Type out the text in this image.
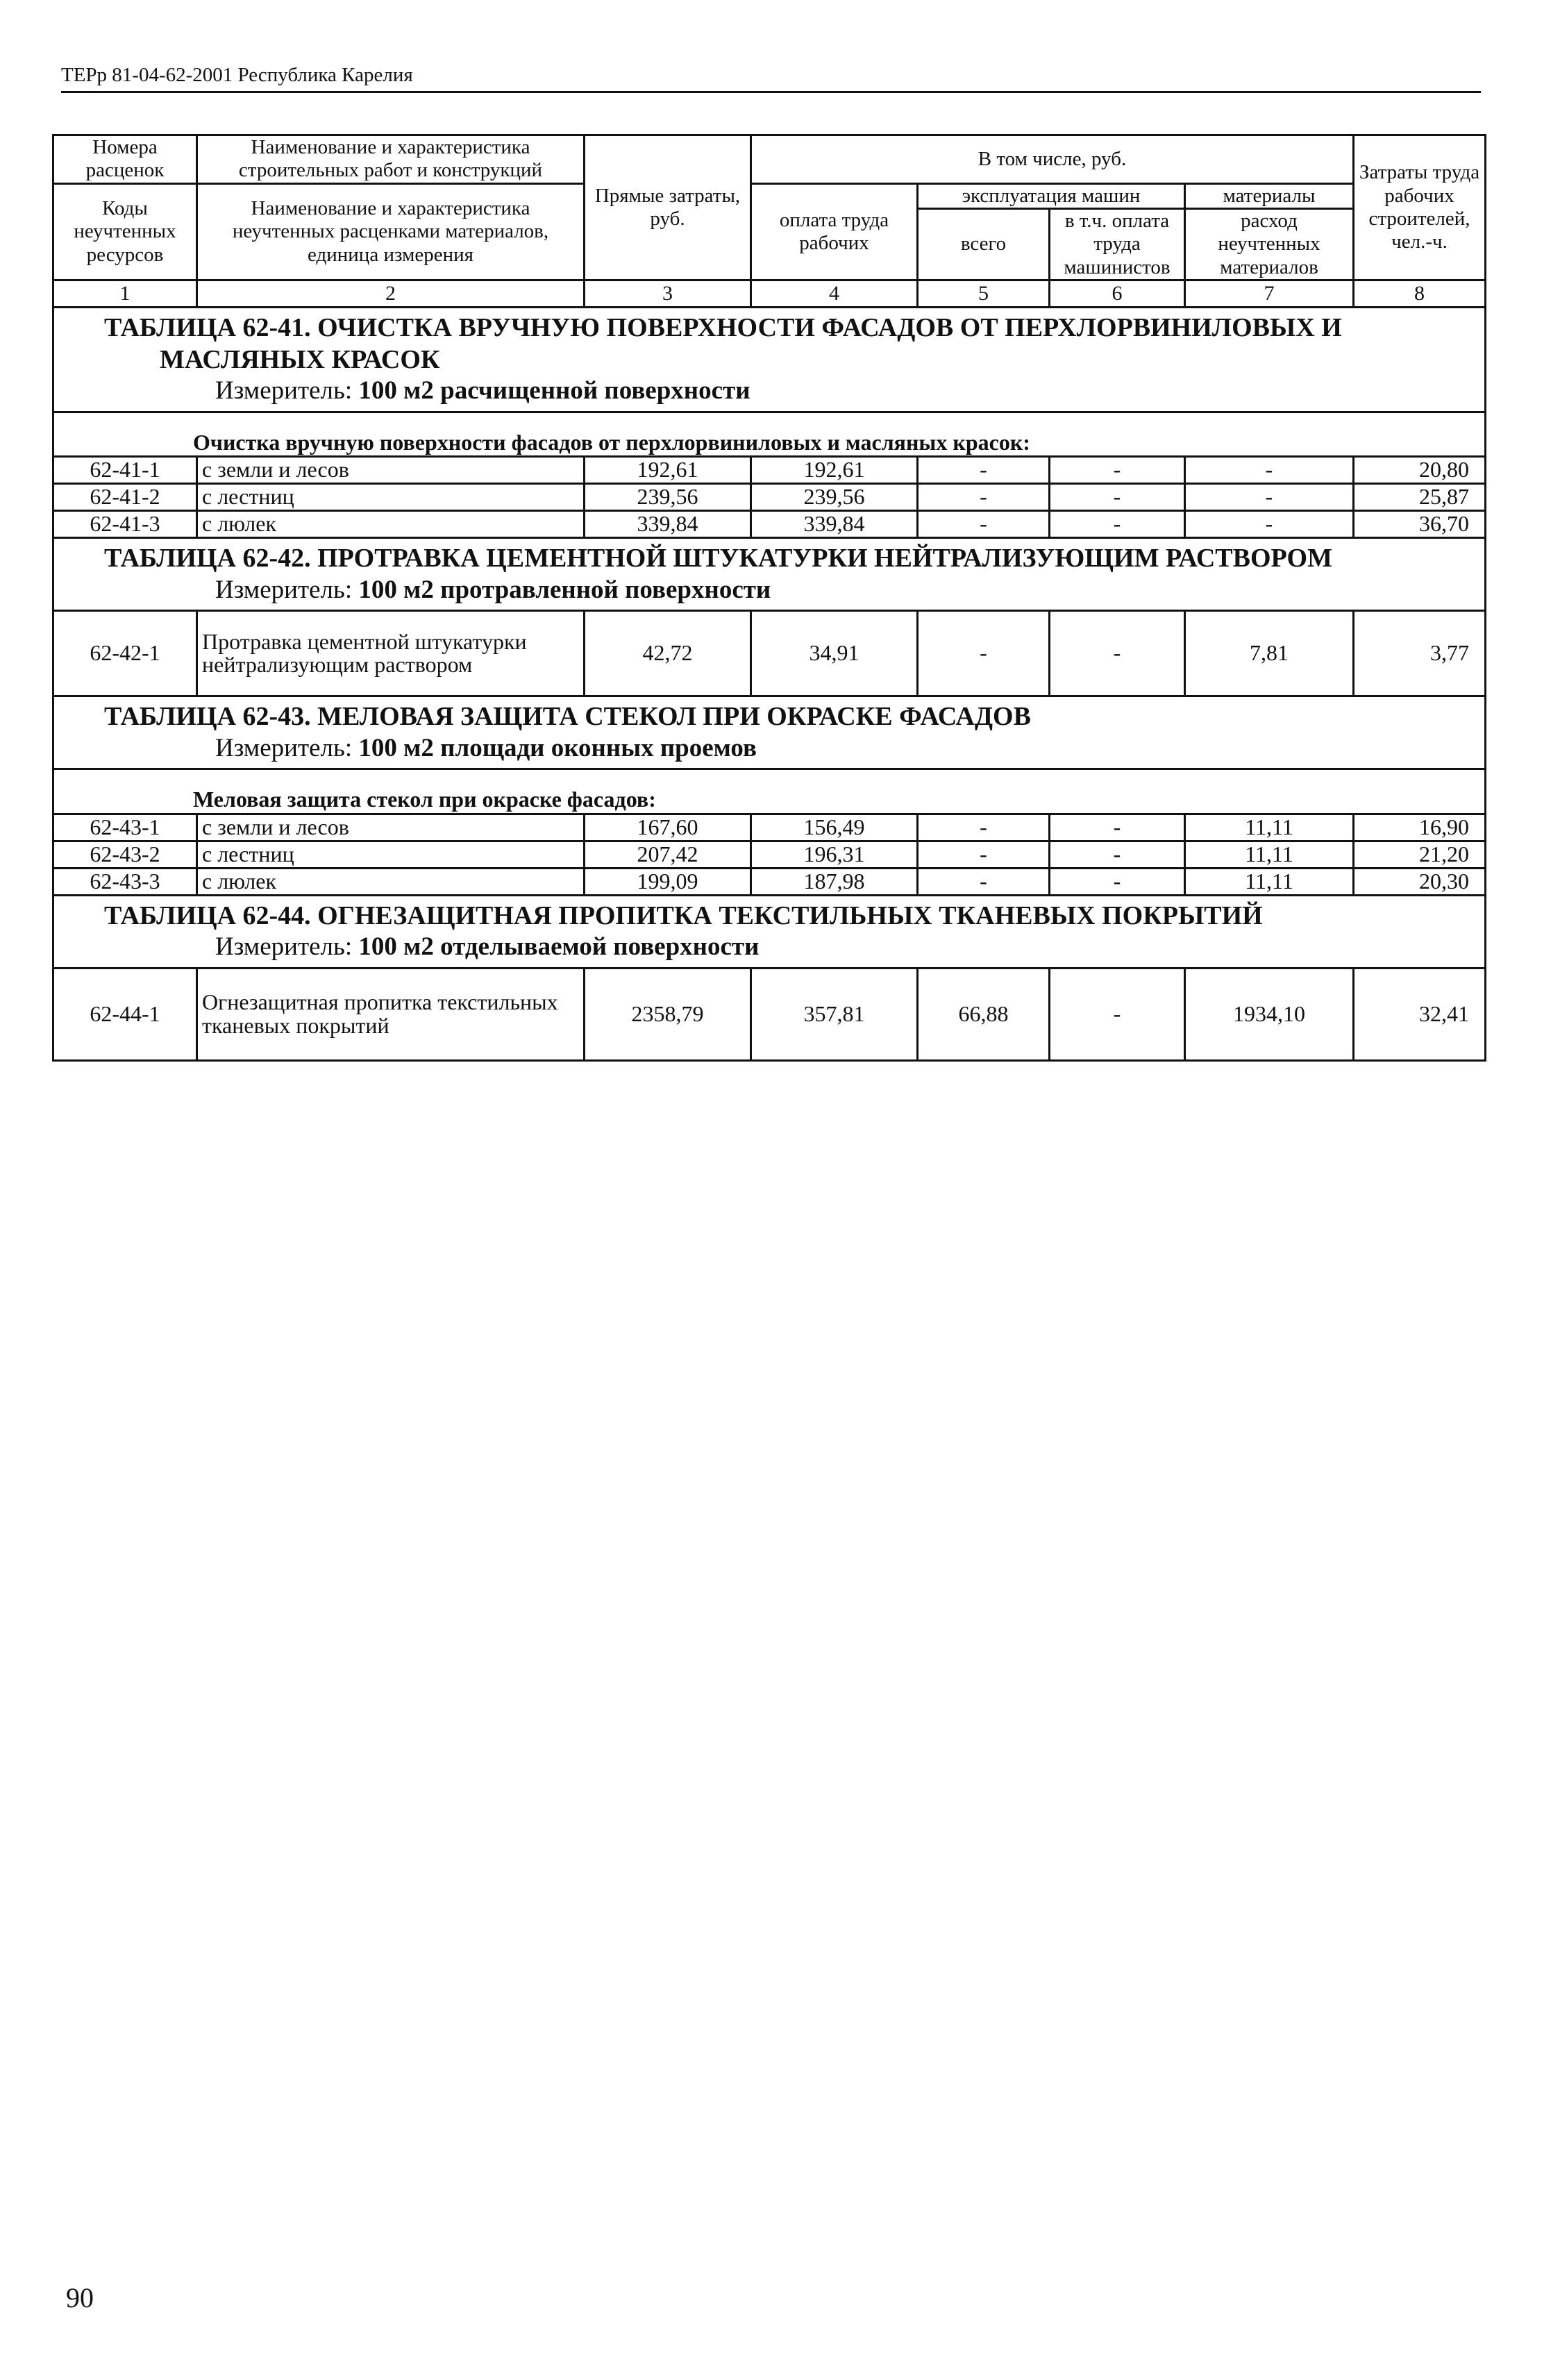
ТЕРр 81-04-62-2001 Республика Карелия
Номера расценок	Наименование и характеристика строительных работ и конструкций	Прямые затраты, руб.	В том числе, руб.				Затраты труда рабочих строителей, чел.-ч.
Коды неучтенных ресурсов	Наименование и характеристика неучтенных расценками материалов, единица измерения		оплата труда рабочих	эксплуатация машин		материалы	
				всего	в т.ч. оплата труда машинистов	расход неучтенных материалов	

1	2	3	4	5	6	7	8

ТАБЛИЦА 62-41. ОЧИСТКА ВРУЧНУЮ ПОВЕРХНОСТИ ФАСАДОВ ОТ ПЕРХЛОРВИНИЛОВЫХ И МАСЛЯНЫХ КРАСОК
Измеритель: 100 м2 расчищенной поверхности							

Очистка вручную поверхности фасадов от перхлорвиниловых и масляных красок:							
62-41-1	с земли и лесов	192,61	192,61	-	-	-	20,80
62-41-2	с лестниц	239,56	239,56	-	-	-	25,87
62-41-3	с люлек	339,84	339,84	-	-	-	36,70

ТАБЛИЦА 62-42. ПРОТРАВКА ЦЕМЕНТНОЙ ШТУКАТУРКИ НЕЙТРАЛИЗУЮЩИМ РАСТВОРОМ
Измеритель: 100 м2 протравленной поверхности							

62-42-1	Протравка цементной штукатурки нейтрализующим раствором	42,72	34,91	-	-	7,81	3,77

ТАБЛИЦА 62-43. МЕЛОВАЯ ЗАЩИТА СТЕКОЛ ПРИ ОКРАСКЕ ФАСАДОВ
Измеритель: 100 м2 площади оконных проемов							

Меловая защита стекол при окраске фасадов:							
62-43-1	с земли и лесов	167,60	156,49	-	-	11,11	16,90
62-43-2	с лестниц	207,42	196,31	-	-	11,11	21,20
62-43-3	с люлек	199,09	187,98	-	-	11,11	20,30

ТАБЛИЦА 62-44. ОГНЕЗАЩИТНАЯ ПРОПИТКА ТЕКСТИЛЬНЫХ ТКАНЕВЫХ ПОКРЫТИЙ
Измеритель: 100 м2 отделываемой поверхности							

62-44-1	Огнезащитная пропитка текстильных тканевых покрытий	2358,79	357,81	66,88	-	1934,10	32,41
90
